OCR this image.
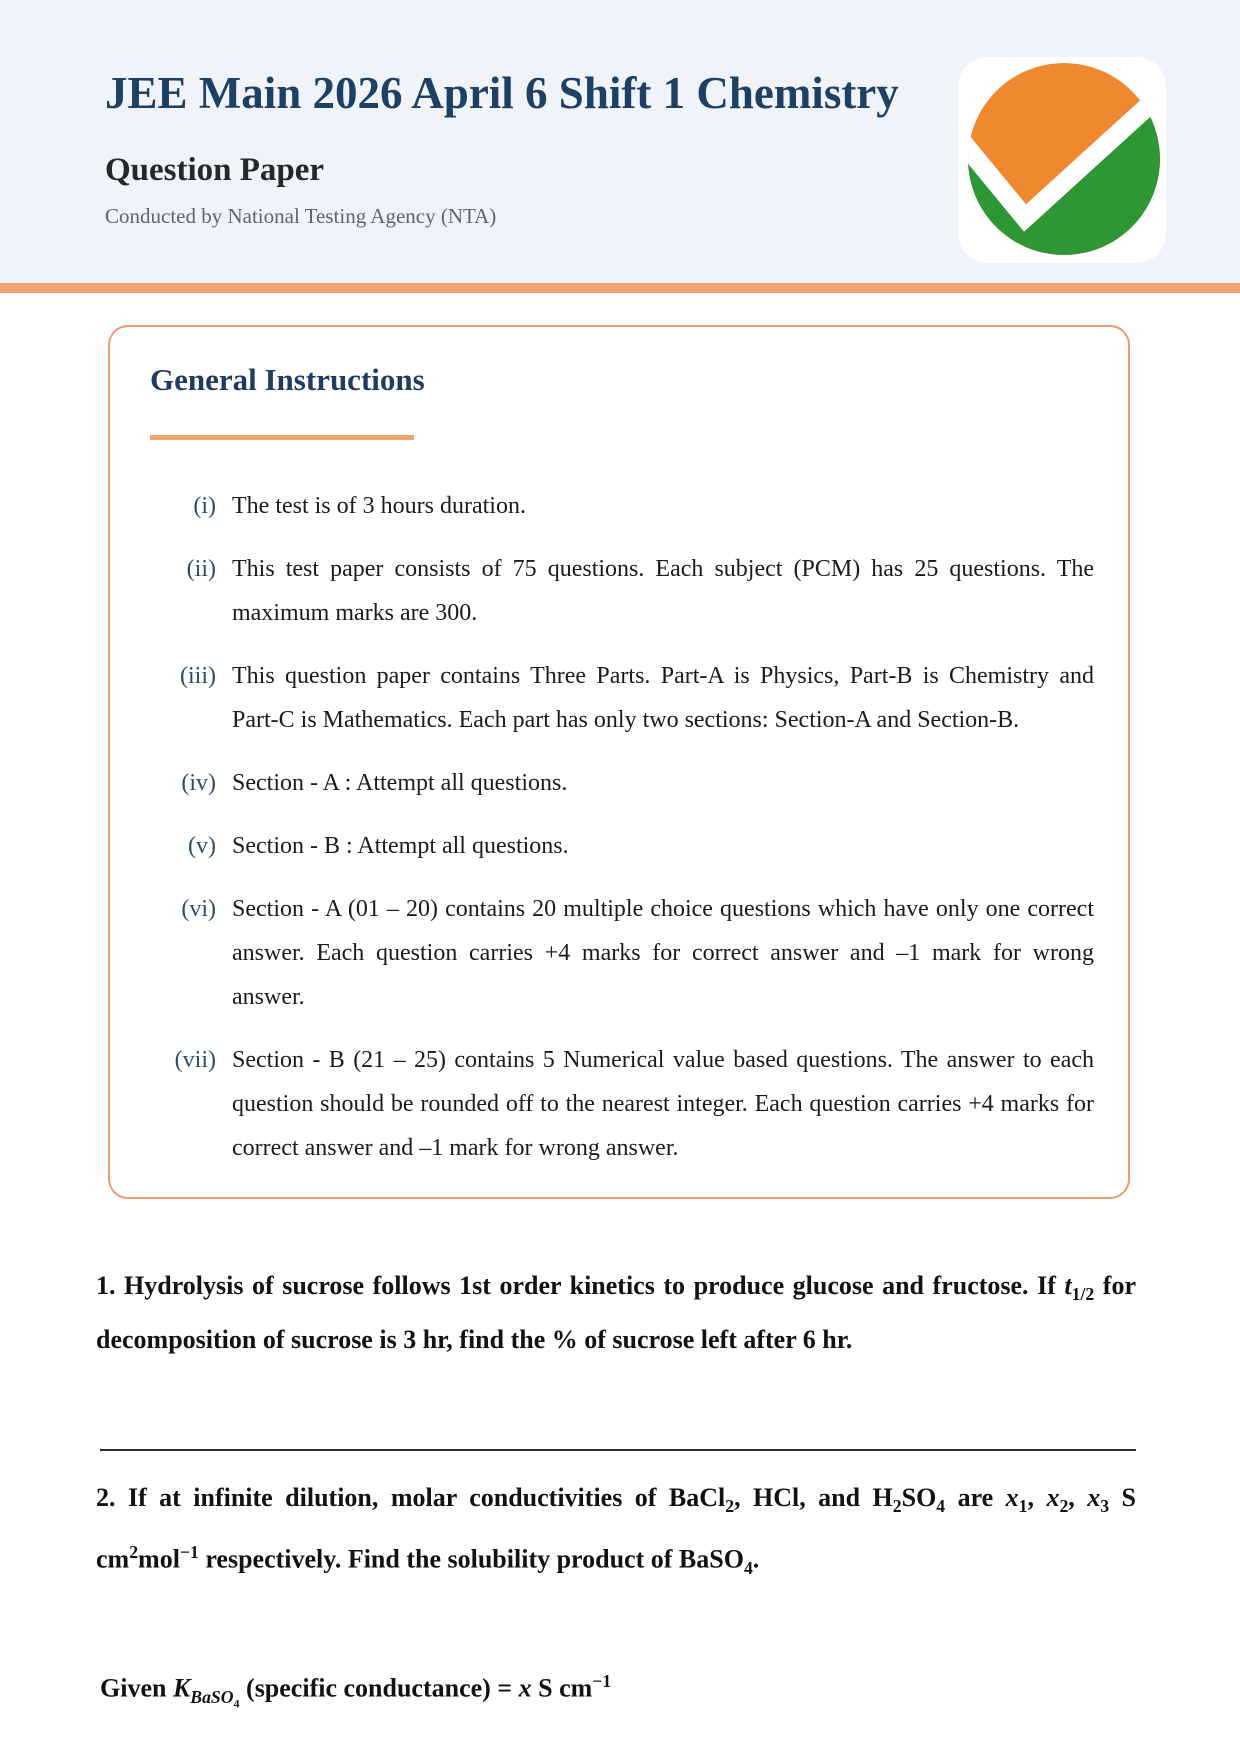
JEE Main 2026 April 6 Shift 1 Chemistry
Question Paper
Conducted by National Testing Agency (NTA)
General Instructions
(i) The test is of 3 hours duration.
(ii) This test paper consists of 75 questions. Each subject (PCM) has 25 questions. The maximum marks are 300.
(iii) This question paper contains Three Parts. Part-A is Physics, Part-B is Chemistry and Part-C is Mathematics. Each part has only two sections: Section-A and Section-B.
(iv) Section - A : Attempt all questions.
(v) Section - B : Attempt all questions.
(vi) Section - A (01 – 20) contains 20 multiple choice questions which have only one correct answer. Each question carries +4 marks for correct answer and –1 mark for wrong answer.
(vii) Section - B (21 – 25) contains 5 Numerical value based questions. The answer to each question should be rounded off to the nearest integer. Each question carries +4 marks for correct answer and –1 mark for wrong answer.

1. Hydrolysis of sucrose follows 1st order kinetics to produce glucose and fructose. If $t_{1/2}$ for decomposition of sucrose is 3 hr, find the % of sucrose left after 6 hr.

2. If at infinite dilution, molar conductivities of BaCl$_2$, HCl, and $H_2SO_4$ are $x_1$, $x_2$, $x_3$ S $cm^2mol^{-1}$ respectively. Find the solubility product of BaSO$_4$.

Given $K_{BaSO_4}$ (specific conductance) = x S $cm^{-1}$
